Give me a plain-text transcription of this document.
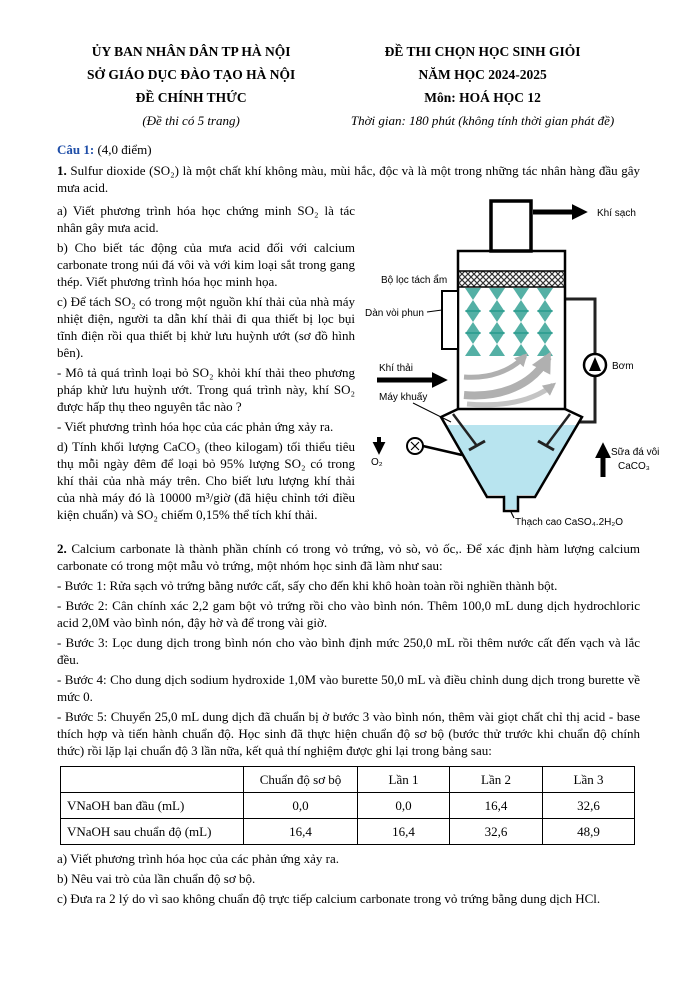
ỦY BAN NHÂN DÂN TP HÀ NỘI
SỞ GIÁO DỤC ĐÀO TẠO HÀ NỘI
ĐỀ CHÍNH THỨC
(Đề thi có 5 trang)
ĐỀ THI CHỌN HỌC SINH GIỎI
NĂM HỌC 2024-2025
Môn: HOÁ HỌC 12
Thời gian: 180 phút (không tính thời gian phát đề)

Câu 1: (4,0 điểm)

1. Sulfur dioxide (SO₂) là một chất khí không màu, mùi hắc, độc và là một trong những tác nhân hàng đầu gây mưa acid.

a) Viết phương trình hóa học chứng minh SO₂ là tác nhân gây mưa acid.

b) Cho biết tác động của mưa acid đối với calcium carbonate trong núi đá vôi và với kim loại sắt trong gang thép. Viết phương trình hóa học minh họa.

c) Để tách SO₂ có trong một nguồn khí thải của nhà máy nhiệt điện, người ta dẫn khí thải đi qua thiết bị lọc bụi tĩnh điện rồi qua thiết bị khử lưu huỳnh ướt (sơ đồ hình bên).

- Mô tả quá trình loại bỏ SO₂ khỏi khí thải theo phương pháp khử lưu huỳnh ướt. Trong quá trình này, khí SO₂ được hấp thụ theo nguyên tắc nào ?

- Viết phương trình hóa học của các phản ứng xảy ra.

d) Tính khối lượng CaCO₃ (theo kilogam) tối thiểu tiêu thụ mỗi ngày đêm để loại bỏ 95% lượng SO₂ có trong khí thải của nhà máy trên. Cho biết lưu lượng khí thải của nhà máy đó là 10000 m³/giờ (đã hiệu chỉnh tới điều kiện chuẩn) và SO₂ chiếm 0,15% thể tích khí thải.

Khí sạch
Bộ lọc tách ẩm
Dàn vòi phun
Khí thải
Máy khuấy
O₂
Bơm
Sữa đá vôi
CaCO₃
Thạch cao CaSO₄.2H₂O

2. Calcium carbonate là thành phần chính có trong vỏ trứng, vỏ sò, vỏ ốc,. Để xác định hàm lượng calcium carbonate có trong một mẫu vỏ trứng, một nhóm học sinh đã làm như sau:

- Bước 1: Rửa sạch vỏ trứng bằng nước cất, sấy cho đến khi khô hoàn toàn rồi nghiền thành bột.

- Bước 2: Cân chính xác 2,2 gam bột vỏ trứng rồi cho vào bình nón. Thêm 100,0 mL dung dịch hydrochloric acid 2,0M vào bình nón, đậy hờ và để trong vài giờ.

- Bước 3: Lọc dung dịch trong bình nón cho vào bình định mức 250,0 mL rồi thêm nước cất đến vạch và lắc đều.

- Bước 4: Cho dung dịch sodium hydroxide 1,0M vào burette 50,0 mL và điều chỉnh dung dịch trong burette về mức 0.

- Bước 5: Chuyển 25,0 mL dung dịch đã chuẩn bị ở bước 3 vào bình nón, thêm vài giọt chất chỉ thị acid - base thích hợp và tiến hành chuẩn độ. Học sinh đã thực hiện chuẩn độ sơ bộ (bước thử trước khi chuẩn độ chính thức) rồi lặp lại chuẩn độ 3 lần nữa, kết quả thí nghiệm được ghi lại trong bảng sau:

	Chuẩn độ sơ bộ	Lần 1	Lần 2	Lần 3
VNaOH ban đầu (mL)	0,0	0,0	16,4	32,6
VNaOH sau chuẩn độ (mL)	16,4	16,4	32,6	48,9

a) Viết phương trình hóa học của các phản ứng xảy ra.

b) Nêu vai trò của lần chuẩn độ sơ bộ.

c) Đưa ra 2 lý do vì sao không chuẩn độ trực tiếp calcium carbonate trong vỏ trứng bằng dung dịch HCl.
